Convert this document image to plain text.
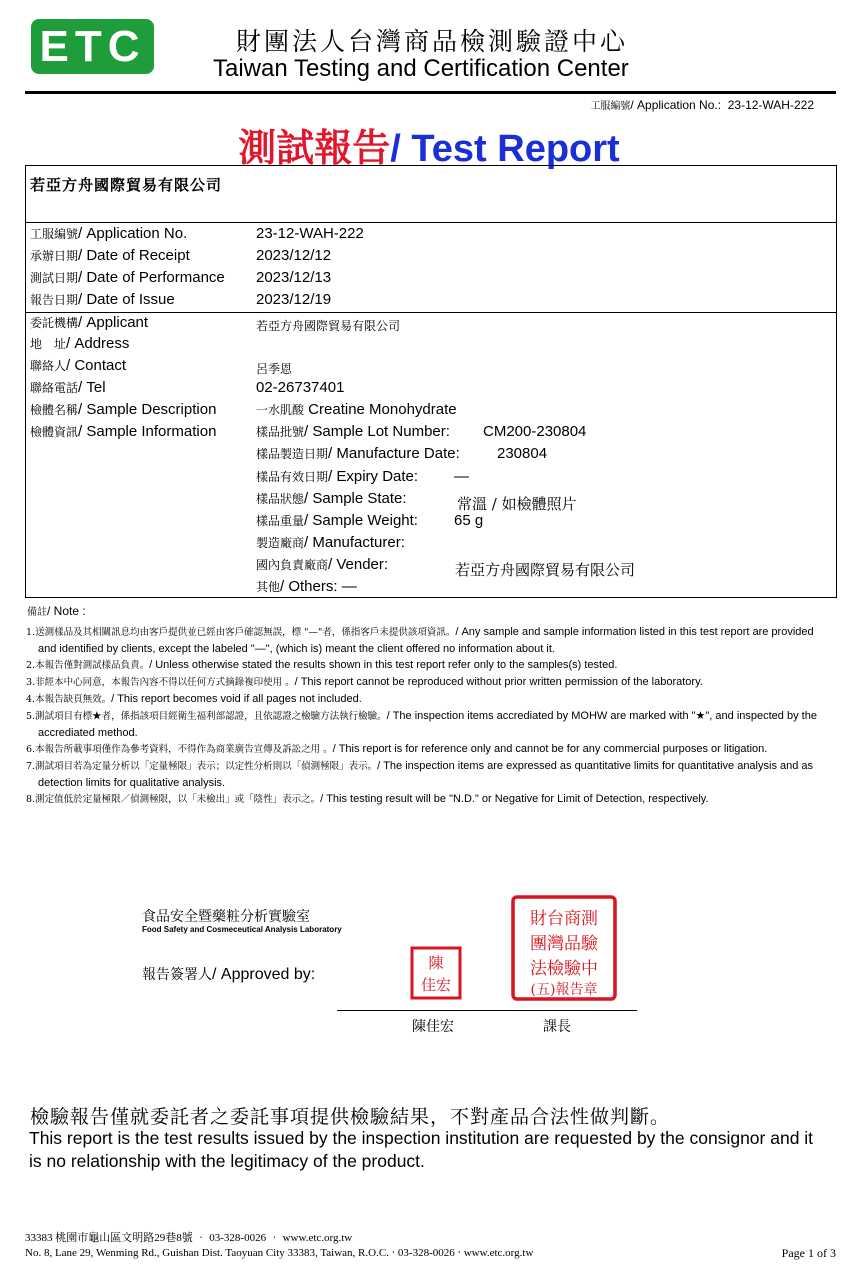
ETC	財團法人台灣商品檢測驗證中心
Taiwan Testing and Certification Center
工服編號/ Application No.: 23-12-WAH-222
測試報告/ Test Report
若亞方舟國際貿易有限公司
工服編號/ Application No.	23-12-WAH-222
承辦日期/ Date of Receipt	2023/12/12
測試日期/ Date of Performance 2023/12/13
報告日期/ Date of Issue	2023/12/19
委託機構/ Applicant	若亞方舟國際貿易有限公司
地　址/ Address
聯絡人/ Contact	呂季恩
聯絡電話/ Tel	02-26737401
檢體名稱/ Sample Description	一水肌酸 Creatine Monohydrate
檢體資訊/ Sample Information	樣品批號/ Sample Lot Number: CM200-230804
樣品製造日期/ Manufacture Date: 230804
樣品有效日期/ Expiry Date: —
樣品狀態/ Sample State:	常溫 / 如檢體照片
樣品重量/ Sample Weight: 65 g
製造廠商/ Manufacturer:
國內負責廠商/ Vender:	若亞方舟國際貿易有限公司
其他/ Others: —
備註/ Note :

1.送測樣品及其相關訊息均由客戶提供並已經由客戶確認無誤，標 "—"者，係指客戶未提供該項資訊。/ Any sample and sample information listed in this test report are provided and identified by clients, except the labeled "—", (which is) meant the client offered no information about it.

2.本報告僅對測試樣品負責。/ Unless otherwise stated the results shown in this test report refer only to the samples(s) tested.

3.非經本中心同意，本報告內容不得以任何方式摘錄複印使用 。/ This report cannot be reproduced without prior written permission of the laboratory.

4.本報告缺頁無效。/ This report becomes void if all pages not included.

5.測試項目有標★者，係指該項目經衛生福利部認證，且依認證之檢驗方法執行檢驗。/ The inspection items accrediated by MOHW are marked with "★", and inspected by the accrediated method.

6.本報告所載事項僅作為參考資料，不得作為商業廣告宣傳及訴訟之用 。/ This report is for reference only and cannot be for any commercial purposes or litigation.

7.測試項目若為定量分析以「定量極限」表示；以定性分析則以「偵測極限」表示。/ The inspection items are expressed as quantitative limits for quantitative analysis and as detection limits for qualitative analysis.

8.測定值低於定量極限／偵測極限，以「未檢出」或「陰性」表示之。/ This testing result will be "N.D." or Negative for Limit of Detection, respectively.

食品安全暨藥粧分析實驗室
Food Safety and Cosmeceutical Analysis Laboratory
報告簽署人/ Approved by:
陳
佳宏
財台商測
團灣品驗
法檢驗中
(五)報告章
陳佳宏	課長
檢驗報告僅就委託者之委託事項提供檢驗結果，不對產品合法性做判斷。
This report is the test results issued by the inspection institution are requested by the consignor and it is no relationship with the legitimacy of the product.
33383 桃園市龜山區文明路29巷8號 ‧ 03-328-0026 ‧ www.etc.org.tw
No. 8, Lane 29, Wenming Rd., Guishan Dist. Taoyuan City 33383, Taiwan, R.O.C. ‧ 03-328-0026 ‧ www.etc.org.tw	Page 1 of 3
